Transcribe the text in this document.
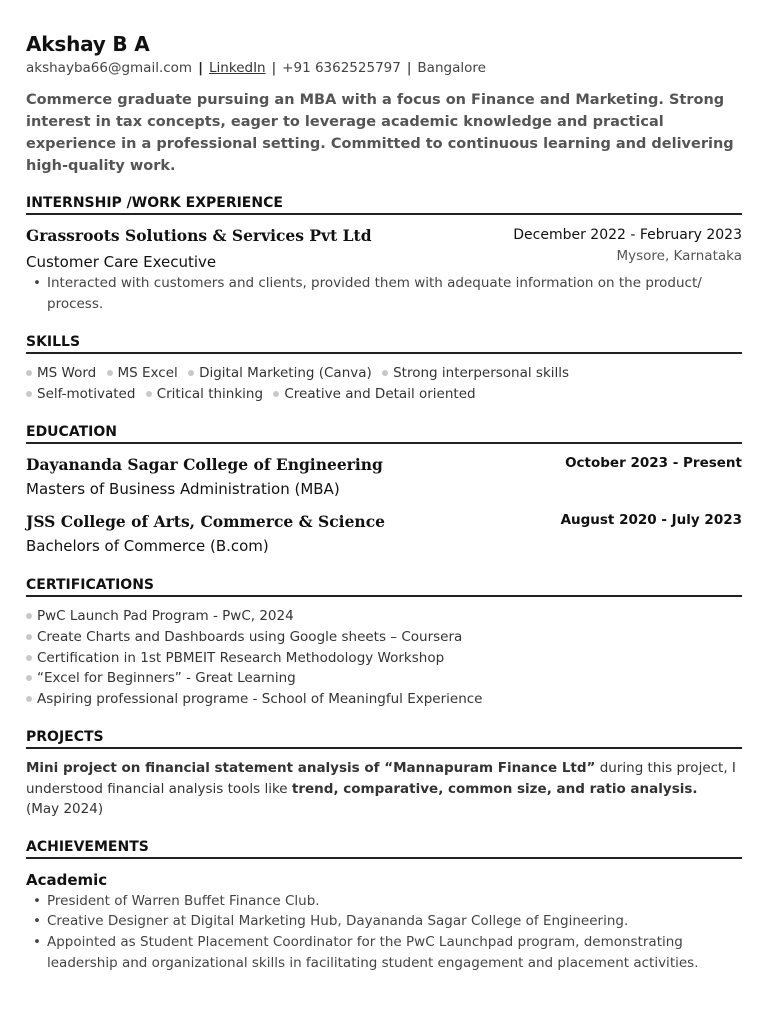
Akshay B A
akshayba66@gmail.com | LinkedIn | +91 6362525797 | Bangalore
Commerce graduate pursuing an MBA with a focus on Finance and Marketing. Strong
interest in tax concepts, eager to leverage academic knowledge and practical
experience in a professional setting. Committed to continuous learning and delivering
high-quality work.
INTERNSHIP /WORK EXPERIENCE
Grassroots Solutions & Services Pvt Ltd	December 2022 - February 2023
Customer Care Executive	Mysore, Karnataka
• Interacted with customers and clients, provided them with adequate information on the product/
process.
SKILLS
MS Word MS Excel Digital Marketing (Canva) Strong interpersonal skills
Self-motivated Critical thinking Creative and Detail oriented
EDUCATION
Dayananda Sagar College of Engineering	October 2023 - Present
Masters of Business Administration (MBA)
JSS College of Arts, Commerce & Science	August 2020 - July 2023
Bachelors of Commerce (B.com)
CERTIFICATIONS
PwC Launch Pad Program - PwC, 2024
Create Charts and Dashboards using Google sheets – Coursera
Certification in 1st PBMEIT Research Methodology Workshop
“Excel for Beginners” - Great Learning
Aspiring professional programe - School of Meaningful Experience
PROJECTS
Mini project on financial statement analysis of “Mannapuram Finance Ltd” during this project, I
understood financial analysis tools like trend, comparative, common size, and ratio analysis.
(May 2024)
ACHIEVEMENTS
Academic
• President of Warren Buffet Finance Club.
• Creative Designer at Digital Marketing Hub, Dayananda Sagar College of Engineering.
• Appointed as Student Placement Coordinator for the PwC Launchpad program, demonstrating
leadership and organizational skills in facilitating student engagement and placement activities.
